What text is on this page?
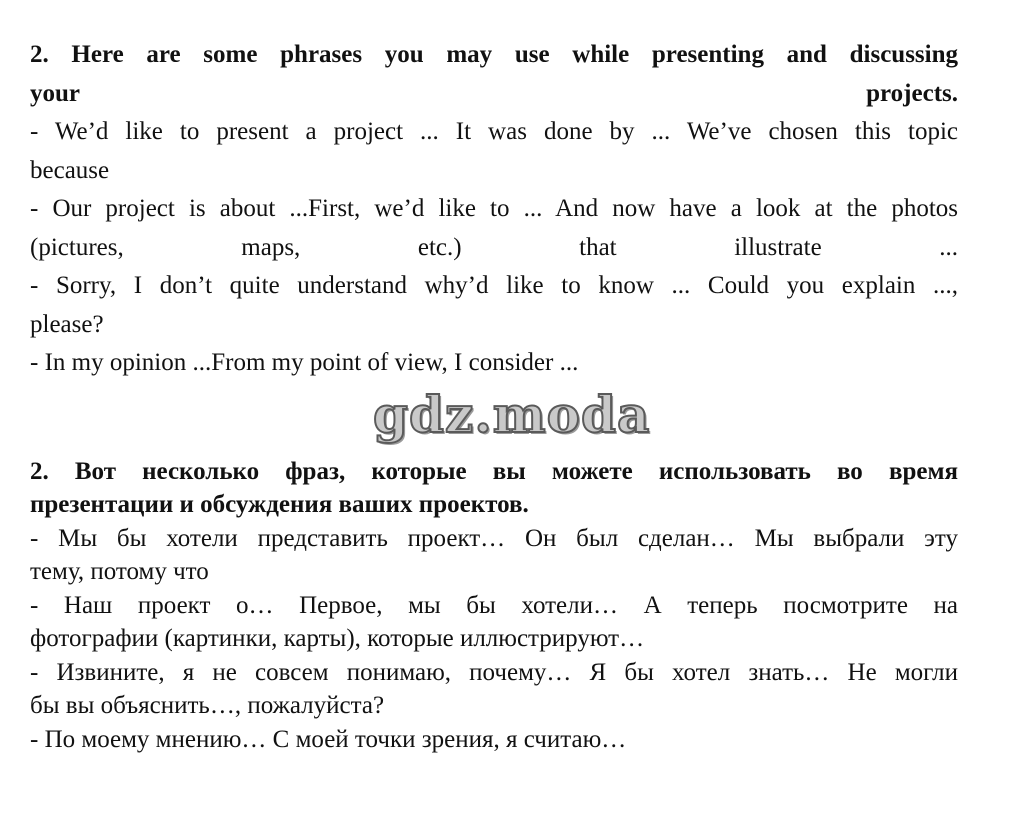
2. Here are some phrases you may use while presenting and discussing
your	projects.
- We’d like to present a project ... It was done by ... We’ve chosen this topic
because
- Our project is about ...First, we’d like to ... And now have a look at the photos
(pictures, maps, etc.) that illustrate ...
- Sorry, I don’t quite understand why’d like to know ... Could you explain ...,
please?
- In my opinion ...From my point of view, I consider ...
gdz.moda
2. Вот несколько фраз, которые вы можете использовать во время
презентации и обсуждения ваших проектов.
- Мы бы хотели представить проект… Он был сделан… Мы выбрали эту
тему, потому что
- Наш проект о… Первое, мы бы хотели… А теперь посмотрите на
фотографии (картинки, карты), которые иллюстрируют…
- Извините, я не совсем понимаю, почему… Я бы хотел знать… Не могли
бы вы объяснить…, пожалуйста?
- По моему мнению… С моей точки зрения, я считаю…
